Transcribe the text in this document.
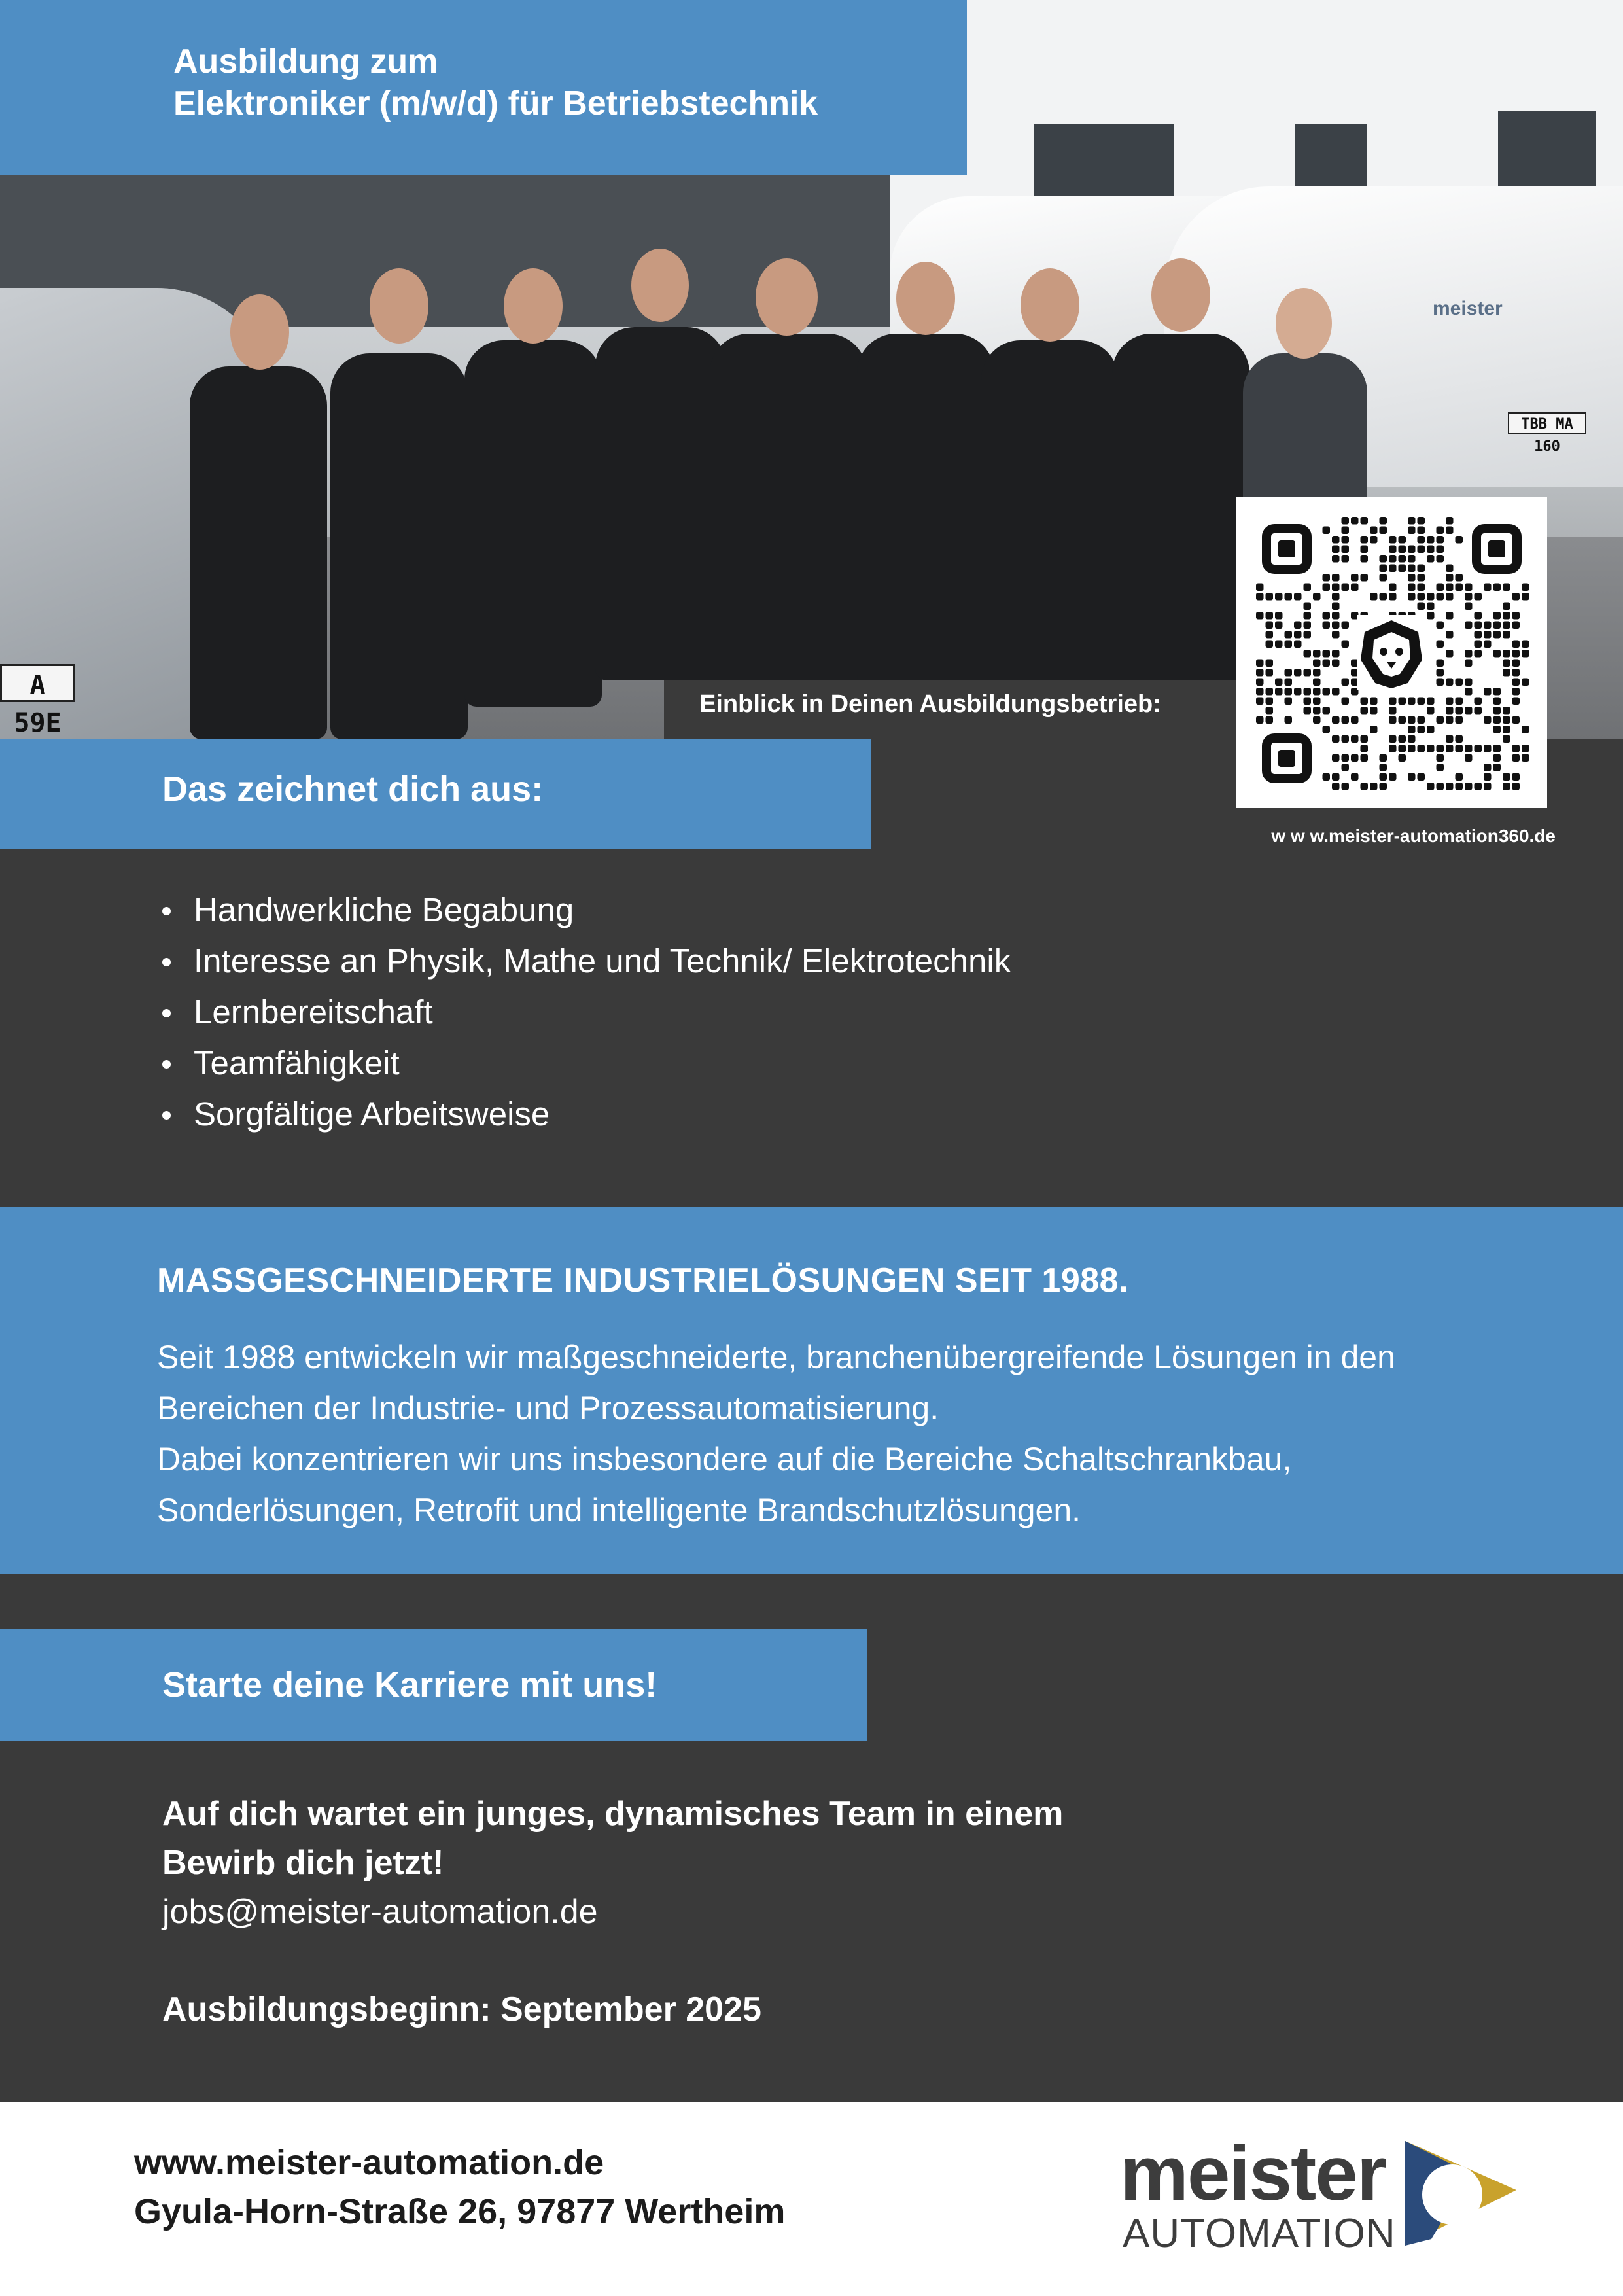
meister
TBB MA 160
A 59E
Ausbildung zum
Elektroniker (m/w/d) für Betriebstechnik
Einblick in Deinen Ausbildungsbetrieb:
w w w.meister-automation360.de
Das zeichnet dich aus:
Handwerkliche Begabung
Interesse an Physik, Mathe und Technik/ Elektrotechnik
Lernbereitschaft
Teamfähigkeit
Sorgfältige Arbeitsweise
MASSGESCHNEIDERTE INDUSTRIELÖSUNGEN SEIT 1988.

Seit 1988 entwickeln wir maßgeschneiderte, branchenübergreifende Lösungen in den Bereichen der Industrie- und Prozessautomatisierung.

Dabei konzentrieren wir uns insbesondere auf die Bereiche Schaltschrankbau, Sonderlösungen, Retrofit und intelligente Brandschutzlösungen.

Starte deine Karriere mit uns!
Auf dich wartet ein junges, dynamisches Team in einem
Bewirb dich jetzt!
jobs@meister-automation.de
Ausbildungsbeginn: September 2025
www.meister-automation.de
Gyula-Horn-Straße 26, 97877 Wertheim	meister
AUTOMATION
